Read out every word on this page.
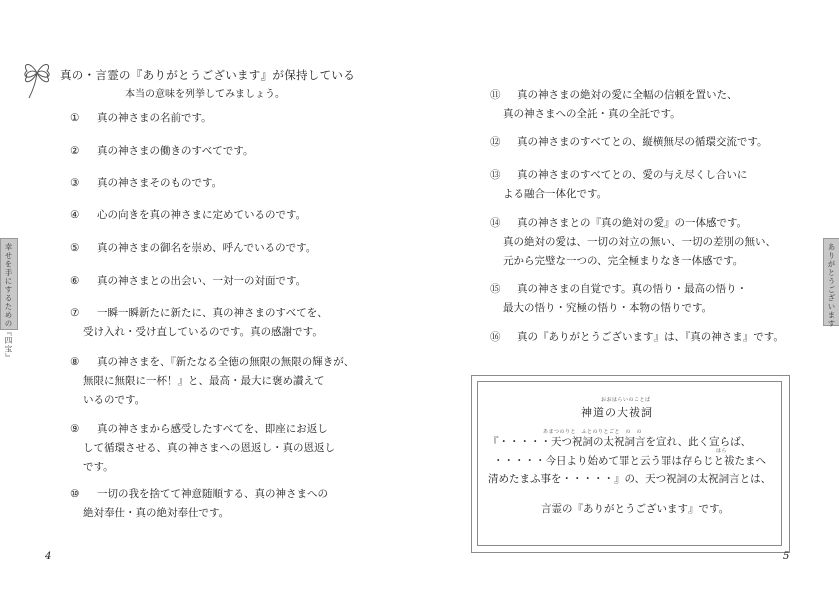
真の・言霊の『ありがとうございます』が保持している
本当の意味を列挙してみましょう。
① 真の神さまの名前です。
② 真の神さまの働きのすべてです。
③ 真の神さまそのものです。
④ 心の向きを真の神さまに定めているのです。
⑤ 真の神さまの御名を崇め、呼んでいるのです。
⑥ 真の神さまとの出会い、一対一の対面です。
⑦ 一瞬一瞬新たに新たに、真の神さまのすべてを、
受け入れ・受け直しているのです。真の感謝です。
⑧ 真の神さまを、『新たなる全徳の無限の無限の輝きが、
無限に無限に一杯！』と、最高・最大に褒め讃えて
いるのです。
⑨ 真の神さまから感受したすべてを、即座にお返し
して循環させる、真の神さまへの恩返し・真の恩返し
です。
⑩ 一切の我を捨てて神意随順する、真の神さまへの
絶対奉仕・真の絶対奉仕です。
4
幸せを手にするための『四宝』
⑪ 真の神さまの絶対の愛に全幅の信頼を置いた、
真の神さまへの全託・真の全託です。
⑫ 真の神さまのすべてとの、縦横無尽の循環交流です。
⑬ 真の神さまのすべてとの、愛の与え尽くし合いに
よる融合一体化です。
⑭ 真の神さまとの『真の絶対の愛』の一体感です。
真の絶対の愛は、一切の対立の無い、一切の差別の無い、
元から完璧な一つの、完全極まりなき一体感です。
⑮ 真の神さまの自覚です。真の悟り・最高の悟り・
最大の悟り・究極の悟り・本物の悟りです。
⑯ 真の『ありがとうございます』は、『真の神さま』です。
おおはらいのことば
神道の大祓詞
あまつのりと　ふとのりとごと　の　の
『・・・・・天つ祝詞の太祝詞言を宣れ、此く宣らば、
はら
・・・・・今日より始めて罪と云う罪は存らじと祓たまへ
清めたまふ事を・・・・・』の、天つ祝詞の太祝詞言とは、
言霊の『ありがとうございます』です。
5
ありがとうございます
